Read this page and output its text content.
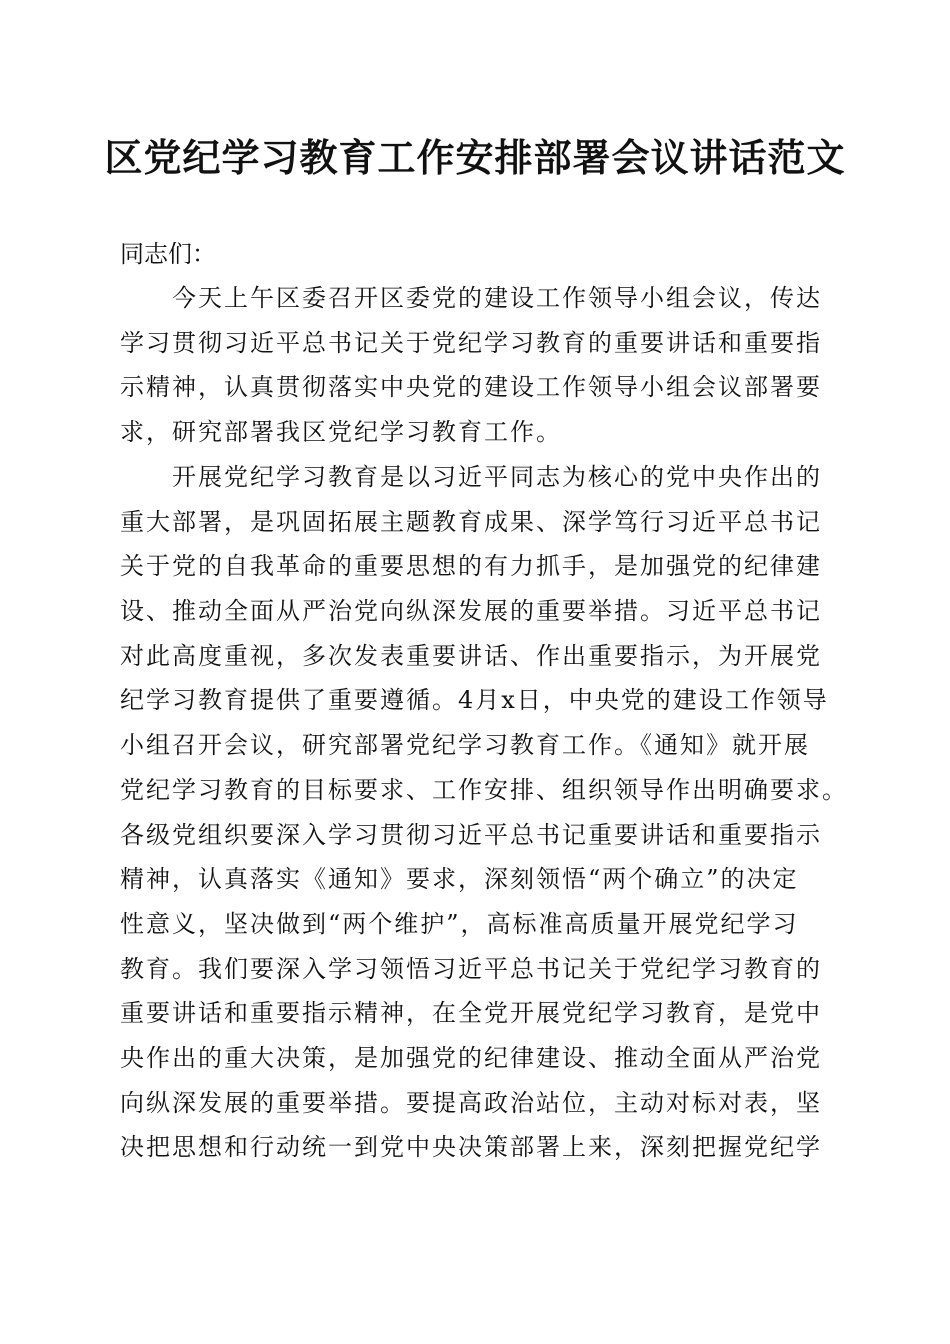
区党纪学习教育工作安排部署会议讲话范文

同志们：

今天上午区委召开区委党的建设工作领导小组会议，传达
学习贯彻习近平总书记关于党纪学习教育的重要讲话和重要指
示精神，认真贯彻落实中央党的建设工作领导小组会议部署要
求，研究部署我区党纪学习教育工作。
开展党纪学习教育是以习近平同志为核心的党中央作出的
重大部署，是巩固拓展主题教育成果、深学笃行习近平总书记
关于党的自我革命的重要思想的有力抓手，是加强党的纪律建
设、推动全面从严治党向纵深发展的重要举措。习近平总书记
对此高度重视，多次发表重要讲话、作出重要指示，为开展党
纪学习教育提供了重要遵循。4月x日，中央党的建设工作领导
小组召开会议，研究部署党纪学习教育工作。《通知》就开展
党纪学习教育的目标要求、工作安排、组织领导作出明确要求。
各级党组织要深入学习贯彻习近平总书记重要讲话和重要指示
精神，认真落实《通知》要求，深刻领悟“两个确立”的决定
性意义，坚决做到“两个维护”，高标准高质量开展党纪学习
教育。我们要深入学习领悟习近平总书记关于党纪学习教育的
重要讲话和重要指示精神，在全党开展党纪学习教育，是党中
央作出的重大决策，是加强党的纪律建设、推动全面从严治党
向纵深发展的重要举措。要提高政治站位，主动对标对表，坚
决把思想和行动统一到党中央决策部署上来，深刻把握党纪学
